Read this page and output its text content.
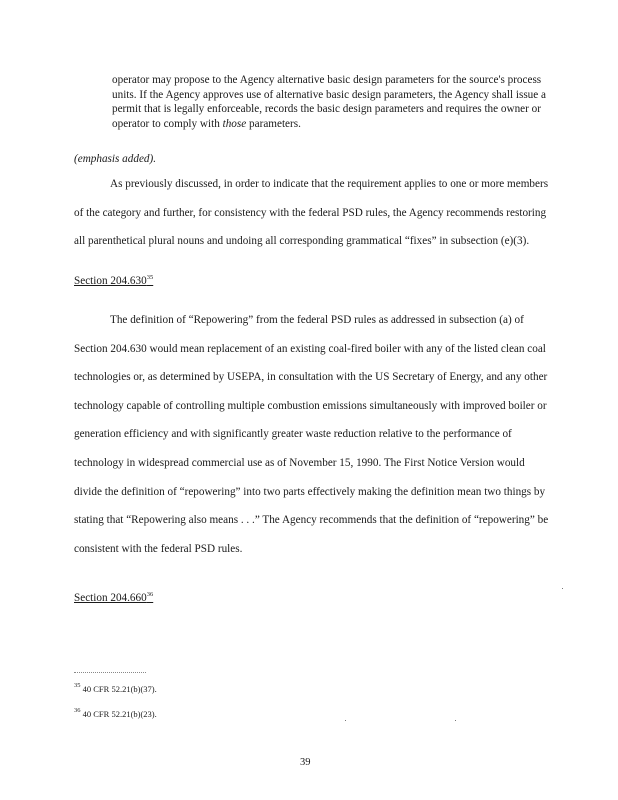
operator may propose to the Agency alternative basic design parameters for the source's process units. If the Agency approves use of alternative basic design parameters, the Agency shall issue a permit that is legally enforceable, records the basic design parameters and requires the owner or operator to comply with those parameters.

(emphasis added).

As previously discussed, in order to indicate that the requirement applies to one or more members of the category and further, for consistency with the federal PSD rules, the Agency recommends restoring all parenthetical plural nouns and undoing all corresponding grammatical “fixes” in subsection (e)(3).

Section 204.630$^{35}$

The definition of “Repowering” from the federal PSD rules as addressed in subsection (a) of Section 204.630 would mean replacement of an existing coal-fired boiler with any of the listed clean coal technologies or, as determined by USEPA, in consultation with the US Secretary of Energy, and any other technology capable of controlling multiple combustion emissions simultaneously with improved boiler or generation efficiency and with significantly greater waste reduction relative to the performance of technology in widespread commercial use as of November 15, 1990. The First Notice Version would divide the definition of “repowering” into two parts effectively making the definition mean two things by stating that “Repowering also means . . .” The Agency recommends that the definition of “repowering” be consistent with the federal PSD rules.

Section 204.660$^{36}$

$^{35}$ 40 CFR 52.21(b)(37).

$^{36}$ 40 CFR 52.21(b)(23).

39
